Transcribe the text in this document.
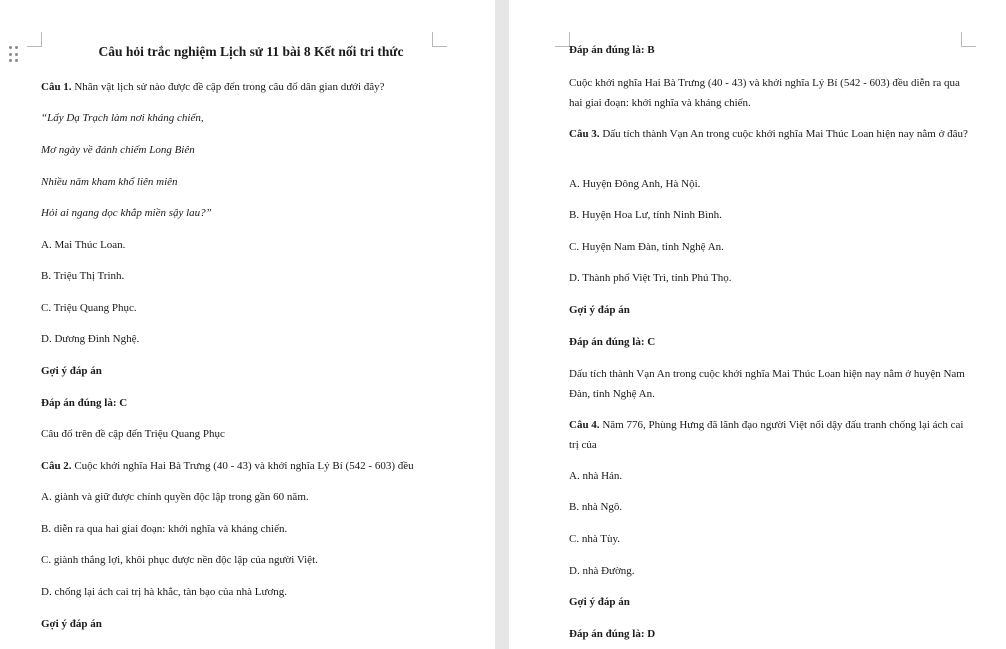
Câu hỏi trắc nghiệm Lịch sử 11 bài 8 Kết nối tri thức

Câu 1. Nhân vật lịch sử nào được đề cập đến trong câu đố dân gian dưới đây?

“Lấy Dạ Trạch làm nơi kháng chiến,

Mơ ngày về đánh chiếm Long Biên

Nhiều năm kham khổ liên miên

Hỏi ai ngang dọc khắp miền sậy lau?”

A. Mai Thúc Loan.

B. Triệu Thị Trinh.

C. Triệu Quang Phục.

D. Dương Đình Nghệ.

Gợi ý đáp án

Đáp án đúng là: C

Câu đố trên đề cập đến Triệu Quang Phục

Câu 2. Cuộc khởi nghĩa Hai Bà Trưng (40 - 43) và khởi nghĩa Lý Bí (542 - 603) đều

A. giành và giữ được chính quyền độc lập trong gần 60 năm.

B. diễn ra qua hai giai đoạn: khởi nghĩa và kháng chiến.

C. giành thắng lợi, khôi phục được nền độc lập của người Việt.

D. chống lại ách cai trị hà khắc, tàn bạo của nhà Lương.

Gợi ý đáp án

Đáp án đúng là: B

Cuộc khởi nghĩa Hai Bà Trưng (40 - 43) và khởi nghĩa Lý Bí (542 - 603) đều diễn ra qua hai giai đoạn: khởi nghĩa và kháng chiến.

Câu 3. Dấu tích thành Vạn An trong cuộc khởi nghĩa Mai Thúc Loan hiện nay nằm ở đâu?

A. Huyện Đông Anh, Hà Nội.

B. Huyện Hoa Lư, tỉnh Ninh Bình.

C. Huyện Nam Đàn, tỉnh Nghệ An.

D. Thành phố Việt Trì, tỉnh Phú Thọ.

Gợi ý đáp án

Đáp án đúng là: C

Dấu tích thành Vạn An trong cuộc khởi nghĩa Mai Thúc Loan hiện nay nằm ở huyện Nam Đàn, tỉnh Nghệ An.

Câu 4. Năm 776, Phùng Hưng đã lãnh đạo người Việt nổi dậy đấu tranh chống lại ách cai trị của

A. nhà Hán.

B. nhà Ngô.

C. nhà Tùy.

D. nhà Đường.

Gợi ý đáp án

Đáp án đúng là: D
